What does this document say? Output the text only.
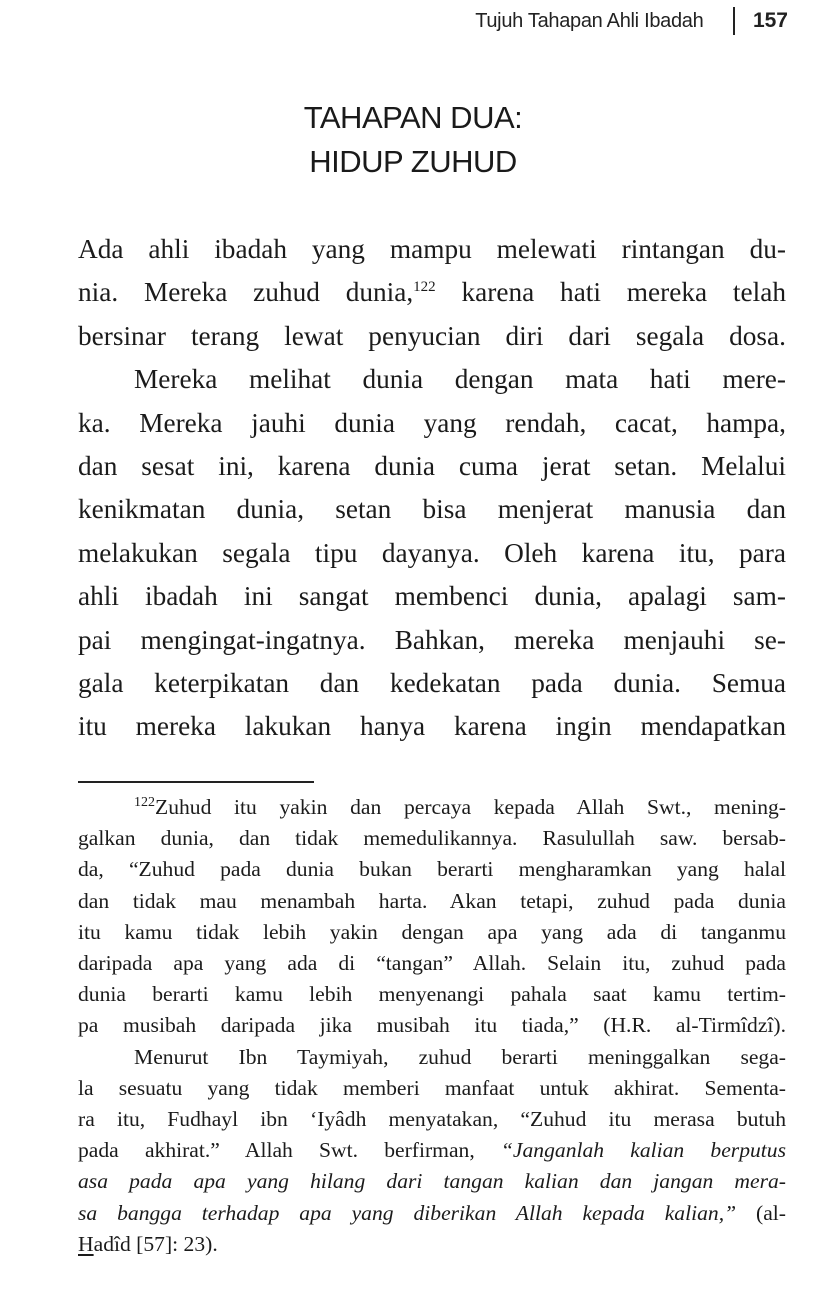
Tujuh Tahapan Ahli Ibadah 157
TAHAPAN DUA:
HIDUP ZUHUD
Ada ahli ibadah yang mampu melewati rintangan du-
nia. Mereka zuhud dunia,$^{122}$ karena hati mereka telah
bersinar terang lewat penyucian diri dari segala dosa.
Mereka melihat dunia dengan mata hati mere-
ka. Mereka jauhi dunia yang rendah, cacat, hampa,
dan sesat ini, karena dunia cuma jerat setan. Melalui
kenikmatan dunia, setan bisa menjerat manusia dan
melakukan segala tipu dayanya. Oleh karena itu, para
ahli ibadah ini sangat membenci dunia, apalagi sam-
pai mengingat-ingatnya. Bahkan, mereka menjauhi se-
gala keterpikatan dan kedekatan pada dunia. Semua
itu mereka lakukan hanya karena ingin mendapatkan
$^{122}$Zuhud itu yakin dan percaya kepada Allah Swt., mening-
galkan dunia, dan tidak memedulikannya. Rasulullah saw. bersab-
da, “Zuhud pada dunia bukan berarti mengharamkan yang halal
dan tidak mau menambah harta. Akan tetapi, zuhud pada dunia
itu kamu tidak lebih yakin dengan apa yang ada di tanganmu
daripada apa yang ada di “tangan” Allah. Selain itu, zuhud pada
dunia berarti kamu lebih menyenangi pahala saat kamu tertim-
pa musibah daripada jika musibah itu tiada,” (H.R. al-Tirmîdzî).
Menurut Ibn Taymiyah, zuhud berarti meninggalkan sega-
la sesuatu yang tidak memberi manfaat untuk akhirat. Sementa-
ra itu, Fudhayl ibn ‘Iyâdh menyatakan, “Zuhud itu merasa butuh
pada akhirat.” Allah Swt. berfirman, “Janganlah kalian berputus
asa pada apa yang hilang dari tangan kalian dan jangan mera-
sa bangga terhadap apa yang diberikan Allah kepada kalian,” (al-
Hadîd [57]: 23).
